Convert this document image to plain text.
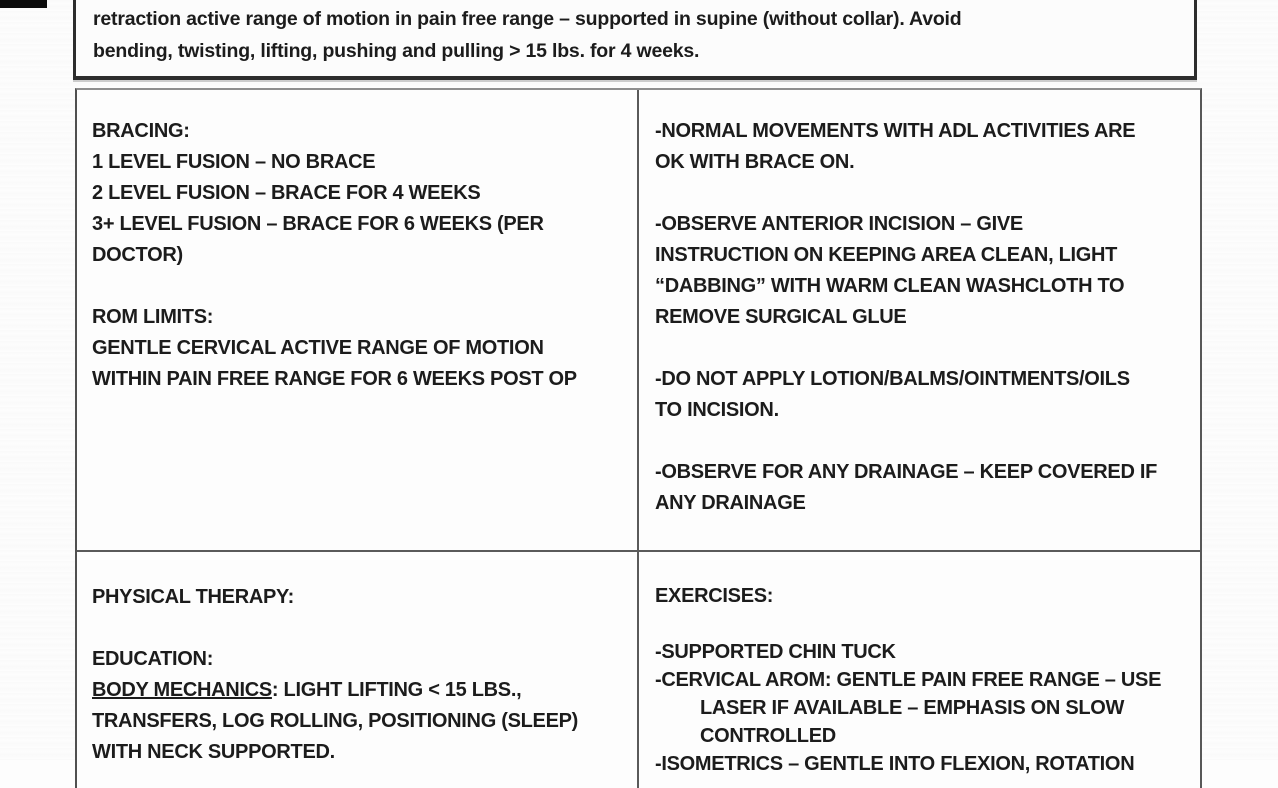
retraction active range of motion in pain free range – supported in supine (without collar). Avoid
bending, twisting, lifting, pushing and pulling > 15 lbs. for 4 weeks.
BRACING:
1 LEVEL FUSION – NO BRACE
2 LEVEL FUSION – BRACE FOR 4 WEEKS
3+ LEVEL FUSION – BRACE FOR 6 WEEKS (PER
DOCTOR)

ROM LIMITS:
GENTLE CERVICAL ACTIVE RANGE OF MOTION
WITHIN PAIN FREE RANGE FOR 6 WEEKS POST OP
-NORMAL MOVEMENTS WITH ADL ACTIVITIES ARE
OK WITH BRACE ON.

-OBSERVE ANTERIOR INCISION – GIVE
INSTRUCTION ON KEEPING AREA CLEAN, LIGHT
“DABBING” WITH WARM CLEAN WASHCLOTH TO
REMOVE SURGICAL GLUE

-DO NOT APPLY LOTION/BALMS/OINTMENTS/OILS
TO INCISION.

-OBSERVE FOR ANY DRAINAGE – KEEP COVERED IF
ANY DRAINAGE
PHYSICAL THERAPY:

EDUCATION:
BODY MECHANICS: LIGHT LIFTING < 15 LBS.,
TRANSFERS, LOG ROLLING, POSITIONING (SLEEP)
WITH NECK SUPPORTED.
EXERCISES:

-SUPPORTED CHIN TUCK
-CERVICAL AROM: GENTLE PAIN FREE RANGE – USE
LASER IF AVAILABLE – EMPHASIS ON SLOW
CONTROLLED
-ISOMETRICS – GENTLE INTO FLEXION, ROTATION
